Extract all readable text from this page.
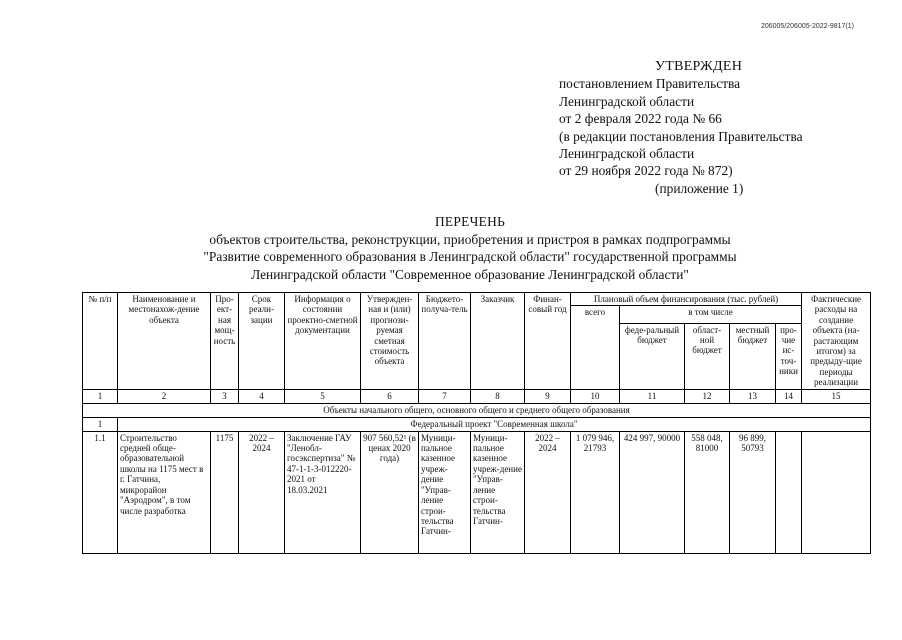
206005/206005-2022-9817(1)
УТВЕРЖДЕН
постановлением Правительства
Ленинградской области
от 2 февраля 2022 года № 66
(в редакции постановления Правительства
Ленинградской области
от 29 ноября 2022 года № 872)
(приложение 1)
ПЕРЕЧЕНЬ
объектов строительства, реконструкции, приобретения и пристроя в рамках подпрограммы
"Развитие современного образования в Ленинградской области" государственной программы
Ленинградской области "Современное образование Ленинградской области"
№ п/п	Наименование и местонахож-дение объекта	Про-ект-ная мощ-ность	Срок реали-зации	Информация о состоянии проектно-сметной документации	Утвержден-ная и (или) прогнози-руемая сметная стоимость объекта	Бюджето-получа-тель	Заказчик	Финан-совый год	Плановый объем финансирования (тыс. рублей)					Фактические расходы на создание объекта (на-растающим итогом) за предыду-щие периоды реализации
									всего	в том числе				
										феде-ральный бюджет	област-ной бюджет	местный бюджет	про-чие ис-точ-ники	
1	2	3	4	5	6	7	8	9	10	11	12	13	14	15
Объекты начального общего, основного общего и среднего общего образования														
1	Федеральный проект "Современная школа"													
1.1	Строительство средней обще-образовательной школы на 1175 мест в г. Гатчина, микрорайон "Аэродром", в том числе разработка	1175	2022 – 2024	Заключение ГАУ "Ленобл-госэкспертиза" № 47-1-1-3-012220-2021 от 18.03.2021	907 560,52¹ (в ценах 2020 года)	Муници-пальное казенное учреж-дение "Управ-ление строи-тельства Гатчин-	Муници-пальное казенное учреж-дение "Управ-ление строи-тельства Гатчин-	2022 – 2024	1 079 946, 21793	424 997, 90000	558 048, 81000	96 899, 50793		
